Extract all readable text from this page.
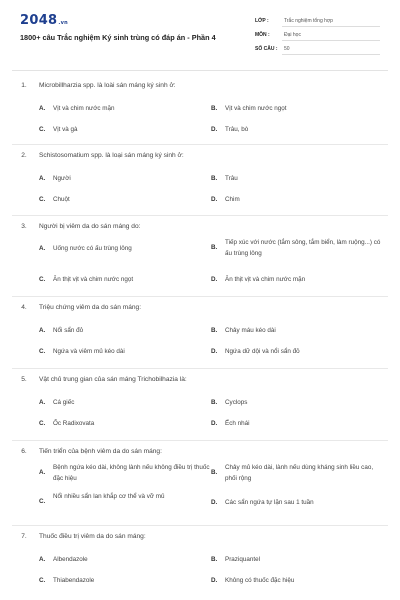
2048.vn
1800+ câu Trắc nghiệm Ký sinh trùng có đáp án - Phần 4
LỚP :	Trắc nghiệm tổng hợp
MÔN :	Đại học
SỐ CÂU : 50
1.	Microbillharzia spp. là loài sán máng ký sinh ở:
A. Vịt và chim nước mặn	B. Vịt và chim nước ngọt
C. Vịt và gà	D. Trâu, bò
2.	Schistosomatium spp. là loại sán máng ký sinh ở:
A. Người	B. Trâu
C. Chuột	D. Chim
3.	Người bị viêm da do sán máng do:
A. Uống nước có ấu trùng lông	B.
Tiếp xúc với nước (tắm sông, tắm biển, làm ruộng...) có ấu trùng lông
C. Ăn thịt vịt và chim nước ngọt	D. Ăn thịt vịt và chim nước mặn
4.	Triệu chứng viêm da do sán máng:
A. Nổi sẩn đỏ	B. Chảy máu kéo dài
C. Ngứa và viêm mủ kéo dài	D. Ngứa dữ dội và nổi sẩn đỏ
5.	Vật chủ trung gian của sán máng Trichobilhazia là:
A. Cá giếc	B. Cyclops
C. Ốc Radixovata	D. Ếch nhái
6.	Tiến triển của bệnh viêm da do sán máng:
A.
Bệnh ngứa kéo dài, không lành nếu không điều trị thuốc đặc hiệu
B.
Chảy mủ kéo dài, lành nếu dùng kháng sinh liều cao, phối rộng
C.
Nổi nhiều sẩn lan khắp cơ thể và vỡ mủ
D. Các sẩn ngứa tự lặn sau 1 tuần
7.	Thuốc điều trị viêm da do sán máng:
A. Albendazole	B. Praziquantel
C. Thiabendazole	D. Không có thuốc đặc hiệu
